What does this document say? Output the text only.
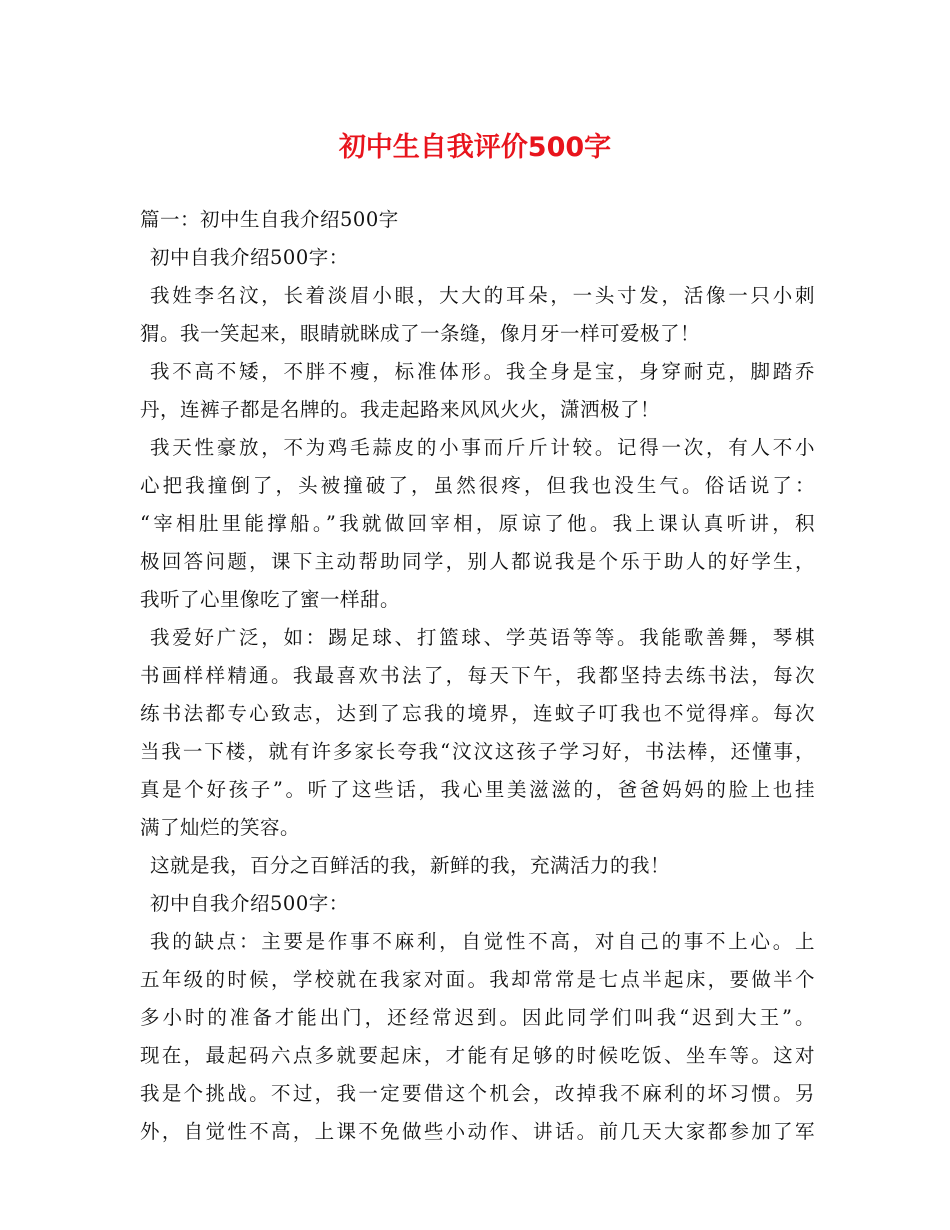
初中生自我评价500字
篇一：初中生自我介绍500字
初中自我介绍500字：
我姓李名汶，长着淡眉小眼，大大的耳朵，一头寸发，活像一只小刺
猬。我一笑起来，眼睛就眯成了一条缝，像月牙一样可爱极了！
我不高不矮，不胖不瘦，标准体形。我全身是宝，身穿耐克，脚踏乔
丹，连裤子都是名牌的。我走起路来风风火火，潇洒极了！
我天性豪放，不为鸡毛蒜皮的小事而斤斤计较。记得一次，有人不小
心把我撞倒了，头被撞破了，虽然很疼，但我也没生气。俗话说了：
“宰相肚里能撑船。”我就做回宰相，原谅了他。我上课认真听讲，积
极回答问题，课下主动帮助同学，别人都说我是个乐于助人的好学生，
我听了心里像吃了蜜一样甜。
我爱好广泛，如：踢足球、打篮球、学英语等等。我能歌善舞，琴棋
书画样样精通。我最喜欢书法了，每天下午，我都坚持去练书法，每次
练书法都专心致志，达到了忘我的境界，连蚊子叮我也不觉得痒。每次
当我一下楼，就有许多家长夸我“汶汶这孩子学习好，书法棒，还懂事，
真是个好孩子”。听了这些话，我心里美滋滋的，爸爸妈妈的脸上也挂
满了灿烂的笑容。
这就是我，百分之百鲜活的我，新鲜的我，充满活力的我！
初中自我介绍500字：
我的缺点：主要是作事不麻利，自觉性不高，对自己的事不上心。上
五年级的时候，学校就在我家对面。我却常常是七点半起床，要做半个
多小时的准备才能出门，还经常迟到。因此同学们叫我“迟到大王”。
现在，最起码六点多就要起床，才能有足够的时候吃饭、坐车等。这对
我是个挑战。不过，我一定要借这个机会，改掉我不麻利的坏习惯。另
外，自觉性不高，上课不免做些小动作、讲话。前几天大家都参加了军
